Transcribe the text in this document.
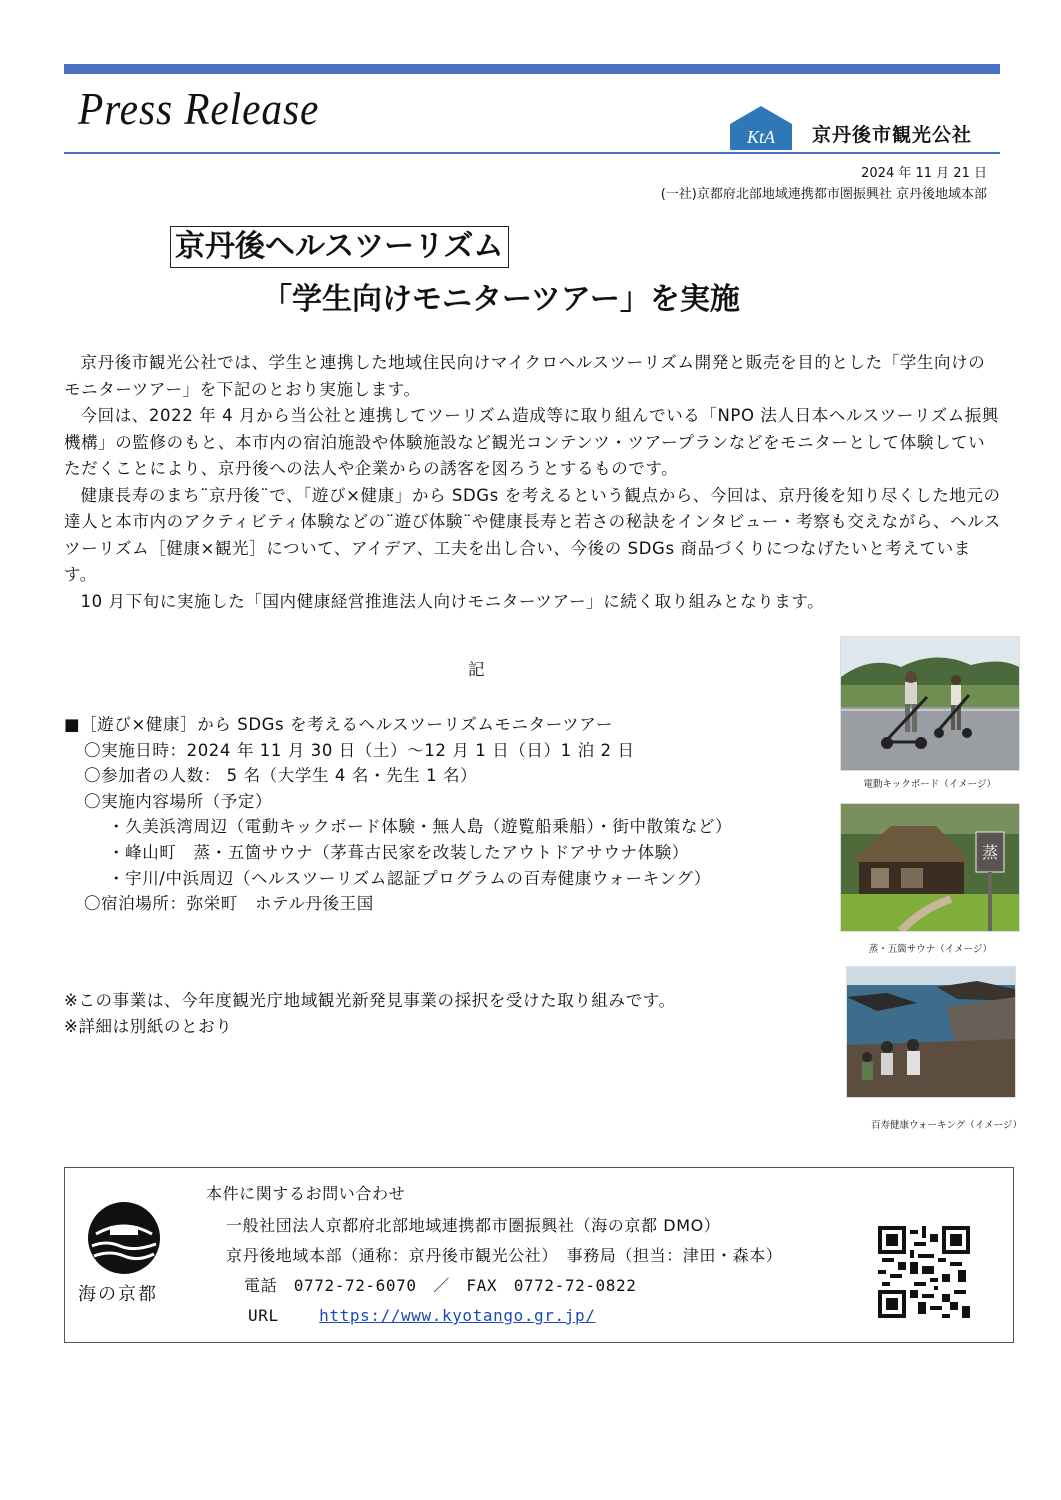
Press Release
KtA 京丹後市観光公社
2024 年 11 月 21 日
(一社)京都府北部地域連携都市圏振興社 京丹後地域本部
京丹後ヘルスツーリズム
「学生向けモニターツアー」を実施

京丹後市観光公社では、学生と連携した地域住民向けマイクロヘルスツーリズム開発と販売を目的とした「学生向けのモニターツアー」を下記のとおり実施します。

今回は、2022 年 4 月から当公社と連携してツーリズム造成等に取り組んでいる「NPO 法人日本ヘルスツーリズム振興機構」の監修のもと、本市内の宿泊施設や体験施設など観光コンテンツ・ツアープランなどをモニターとして体験していただくことにより、京丹後への法人や企業からの誘客を図ろうとするものです。

健康長寿のまち¨京丹後¨で、「遊び×健康」から SDGs を考えるという観点から、今回は、京丹後を知り尽くした地元の達人と本市内のアクティビティ体験などの¨遊び体験¨や健康長寿と若さの秘訣をインタビュー・考察も交えながら、ヘルスツーリズム［健康×観光］について、アイデア、工夫を出し合い、今後の SDGs 商品づくりにつなげたいと考えています。

10 月下旬に実施した「国内健康経営推進法人向けモニターツアー」に続く取り組みとなります。

記
■［遊び×健康］から SDGs を考えるヘルスツーリズムモニターツアー
〇実施日時：2024 年 11 月 30 日（土）～12 月 1 日（日）1 泊 2 日
〇参加者の人数： 5 名（大学生 4 名・先生 1 名）
〇実施内容場所（予定）
・久美浜湾周辺（電動キックボード体験・無人島（遊覧船乗船）・街中散策など）
・峰山町　蒸・五箇サウナ（茅葺古民家を改装したアウトドアサウナ体験）
・宇川/中浜周辺（ヘルスツーリズム認証プログラムの百寿健康ウォーキング）
〇宿泊場所：弥栄町　ホテル丹後王国
※この事業は、今年度観光庁地域観光新発見事業の採択を受けた取り組みです。
※詳細は別紙のとおり
電動キックボード（イメージ）
蒸
蒸・五箇サウナ（イメージ）
百寿健康ウォーキング（イメージ）
海の京都
本件に関するお問い合わせ
一般社団法人京都府北部地域連携都市圏振興社（海の京都 DMO）
京丹後地域本部（通称：京丹後市観光公社）　事務局（担当：津田・森本）
電話　0772-72-6070　／　FAX　0772-72-0822
URL	https://www.kyotango.gr.jp/
